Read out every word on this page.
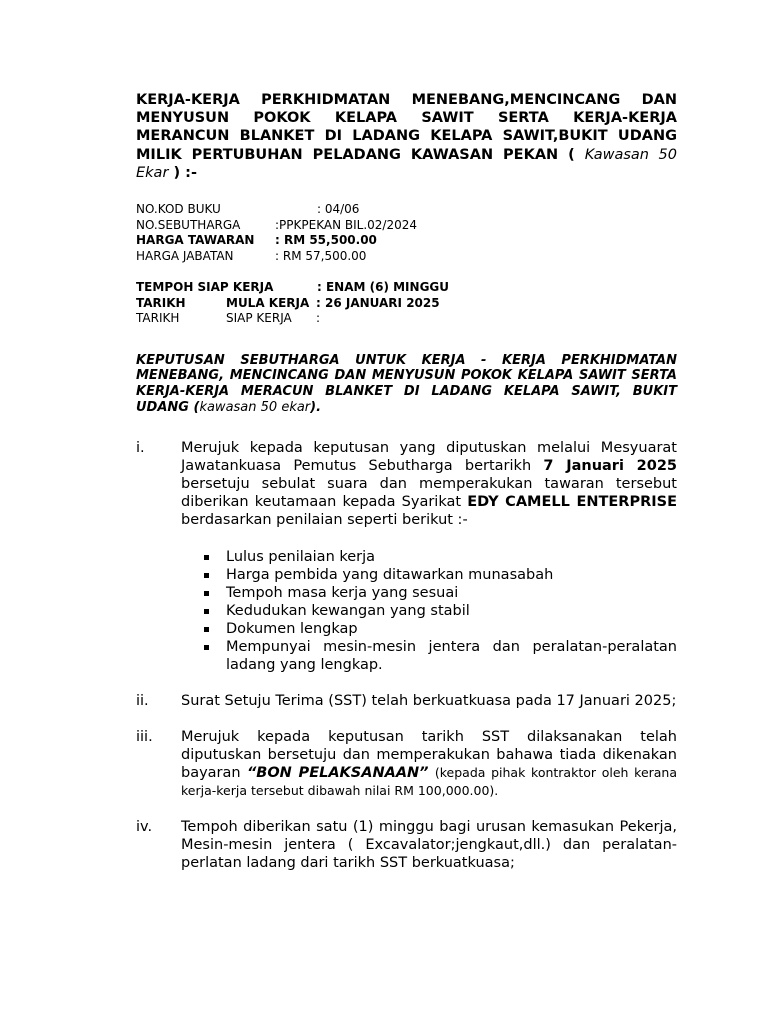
KERJA-KERJA PERKHIDMATAN MENEBANG,MENCINCANG DAN MENYUSUN POKOK KELAPA SAWIT SERTA KERJA-KERJA MERANCUN BLANKET DI LADANG KELAPA SAWIT,BUKIT UDANG MILIK PERTUBUHAN PELADANG KAWASAN PEKAN ( Kawasan 50 Ekar ) :-

NO.KOD BUKU	: 04/06
NO.SEBUTHARGA	:PPKPEKAN BIL.02/2024
HARGA TAWARAN	: RM 55,500.00
HARGA JABATAN	: RM 57,500.00
TEMPOH SIAP KERJA	: ENAM (6) MINGGU
TARIKH	MULA KERJA : 26 JANUARI 2025
TARIKH	SIAP KERJA	:

KEPUTUSAN SEBUTHARGA UNTUK KERJA - KERJA PERKHIDMATAN MENEBANG, MENCINCANG DAN MENYUSUN POKOK KELAPA SAWIT SERTA KERJA-KERJA MERACUN BLANKET DI LADANG KELAPA SAWIT, BUKIT UDANG (kawasan 50 ekar).

i.	Merujuk kepada keputusan yang diputuskan melalui Mesyuarat Jawatankuasa Pemutus Sebutharga bertarikh 7 Januari 2025 bersetuju sebulat suara dan memperakukan tawaran tersebut diberikan keutamaan kepada Syarikat EDY CAMELL ENTERPRISE berdasarkan penilaian seperti berikut :-
Lulus penilaian kerja
Harga pembida yang ditawarkan munasabah
Tempoh masa kerja yang sesuai
Kedudukan kewangan yang stabil
Dokumen lengkap
Mempunyai mesin-mesin jentera dan peralatan-peralatan ladang yang lengkap.
ii.	Surat Setuju Terima (SST) telah berkuatkuasa pada 17 Januari 2025;
iii.	Merujuk kepada keputusan tarikh SST dilaksanakan telah diputuskan bersetuju dan memperakukan bahawa tiada dikenakan bayaran “BON PELAKSANAAN” (kepada pihak kontraktor oleh kerana kerja-kerja tersebut dibawah nilai RM 100,000.00).
iv.	Tempoh diberikan satu (1) minggu bagi urusan kemasukan Pekerja, Mesin-mesin jentera ( Excavalator;jengkaut,dll.) dan peralatan-perlatan ladang dari tarikh SST berkuatkuasa;
